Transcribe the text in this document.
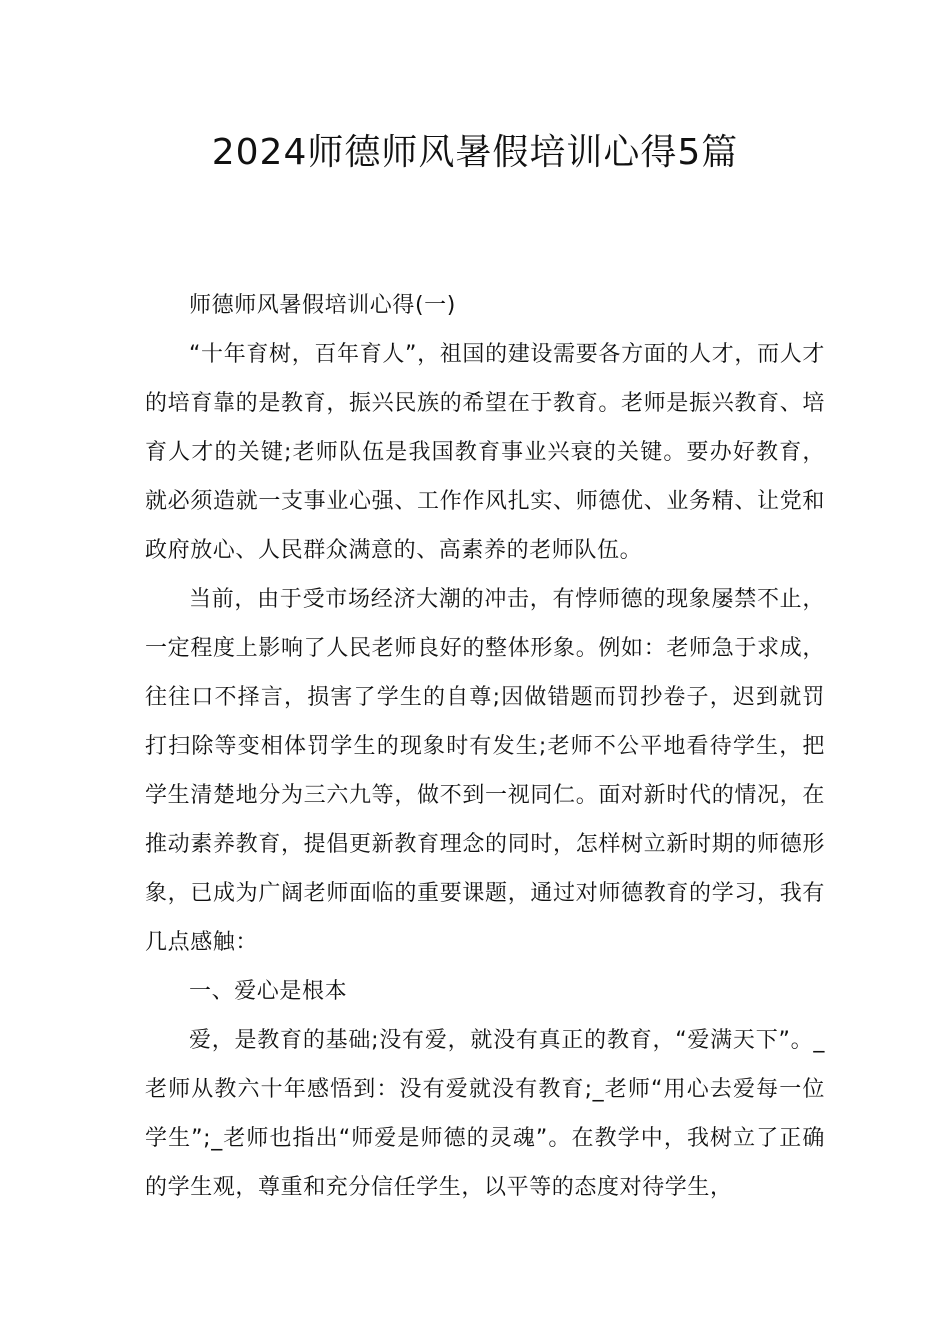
2024师德师风暑假培训心得5篇

师德师风暑假培训心得(一)

“十年育树，百年育人”，祖国的建设需要各方面的人才，而人才的培育靠的是教育，振兴民族的希望在于教育。老师是振兴教育、培育人才的关键;老师队伍是我国教育事业兴衰的关键。要办好教育，就必须造就一支事业心强、工作作风扎实、师德优、业务精、让党和政府放心、人民群众满意的、高素养的老师队伍。

当前，由于受市场经济大潮的冲击，有悖师德的现象屡禁不止，一定程度上影响了人民老师良好的整体形象。例如：老师急于求成，往往口不择言，损害了学生的自尊;因做错题而罚抄卷子，迟到就罚打扫除等变相体罚学生的现象时有发生;老师不公平地看待学生，把学生清楚地分为三六九等，做不到一视同仁。面对新时代的情况，在推动素养教育，提倡更新教育理念的同时，怎样树立新时期的师德形象，已成为广阔老师面临的重要课题，通过对师德教育的学习，我有几点感触：

一、爱心是根本

爱，是教育的基础;没有爱，就没有真正的教育，“爱满天下”。_老师从教六十年感悟到：没有爱就没有教育;_老师“用心去爱每一位学生”;_老师也指出“师爱是师德的灵魂”。在教学中，我树立了正确的学生观，尊重和充分信任学生，以平等的态度对待学生，
